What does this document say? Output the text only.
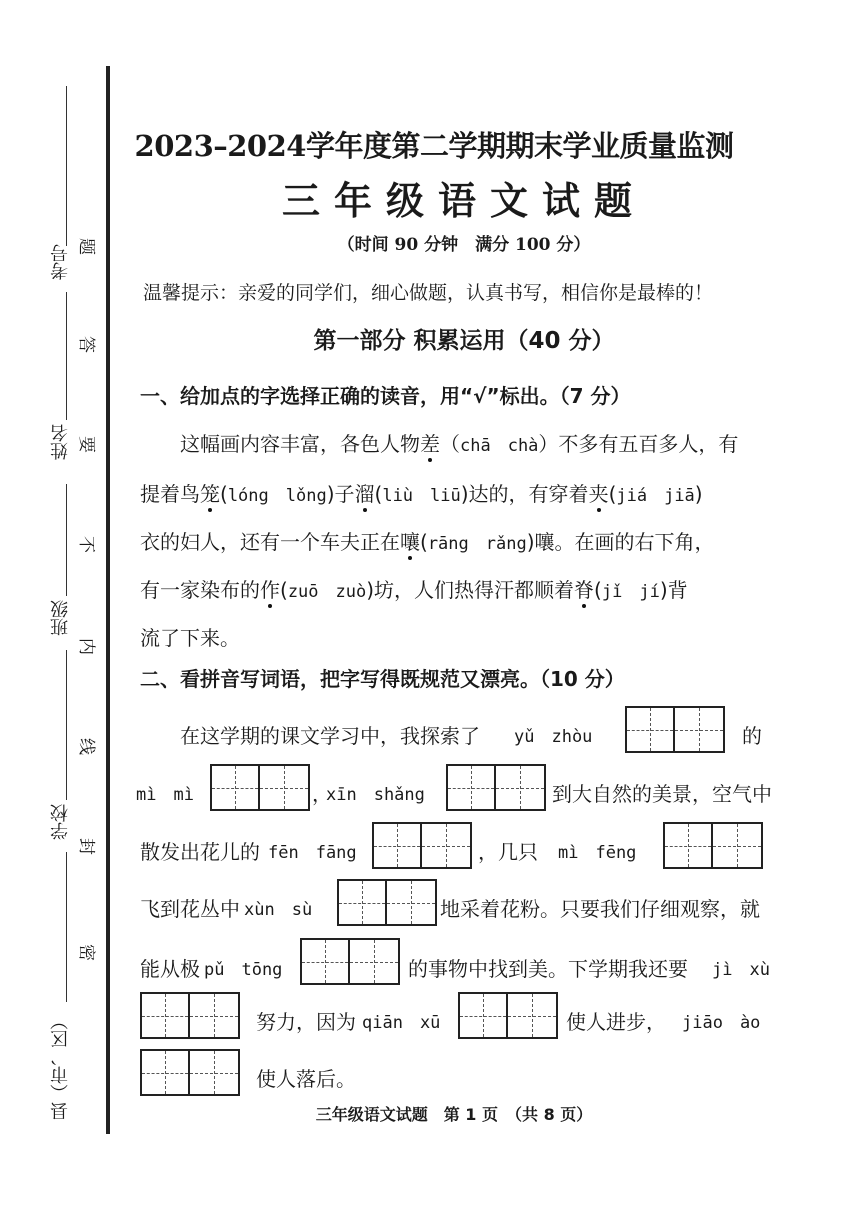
考号
姓名
班级
学校
县（市、区）
题
答
要
不
内
线
封
密
2023–2024学年度第二学期期末学业质量监测
三年级语文试题
（时间 90 分钟　满分 100 分）
温馨提示：亲爱的同学们，细心做题，认真书写，相信你是最棒的！
第一部分 积累运用（40 分）
一、给加点的字选择正确的读音，用“√”标出。（7 分）
　　这幅画内容丰富，各色人物差（chā　chà）不多有五百多人，有
提着鸟笼(lóng　lǒng)子溜(liù　liū)达的，有穿着夹(jiá　jiā)
衣的妇人，还有一个车夫正在嚷(rāng　rǎng)嚷。在画的右下角，
有一家染布的作(zuō　zuò)坊，人们热得汗都顺着脊(jǐ　jí)背
流了下来。
二、看拼音写词语，把字写得既规范又漂亮。（10 分）
　　在这学期的课文学习中，我探索了 yǔ　zhòu	的
mì　mì	，
xīn　shǎng	到大自然的美景，空气中
散发出花儿的 fēn　fāng	，几只 mì　fēng
飞到花丛中 xùn　sù	地采着花粉。只要我们仔细观察，就
能从极 pǔ　tōng	的事物中找到美。下学期我还要 jì　xù
努力，因为 qiān　xū	使人进步， jiāo　ào
使人落后。
三年级语文试题　第 1 页　（共 8 页）
